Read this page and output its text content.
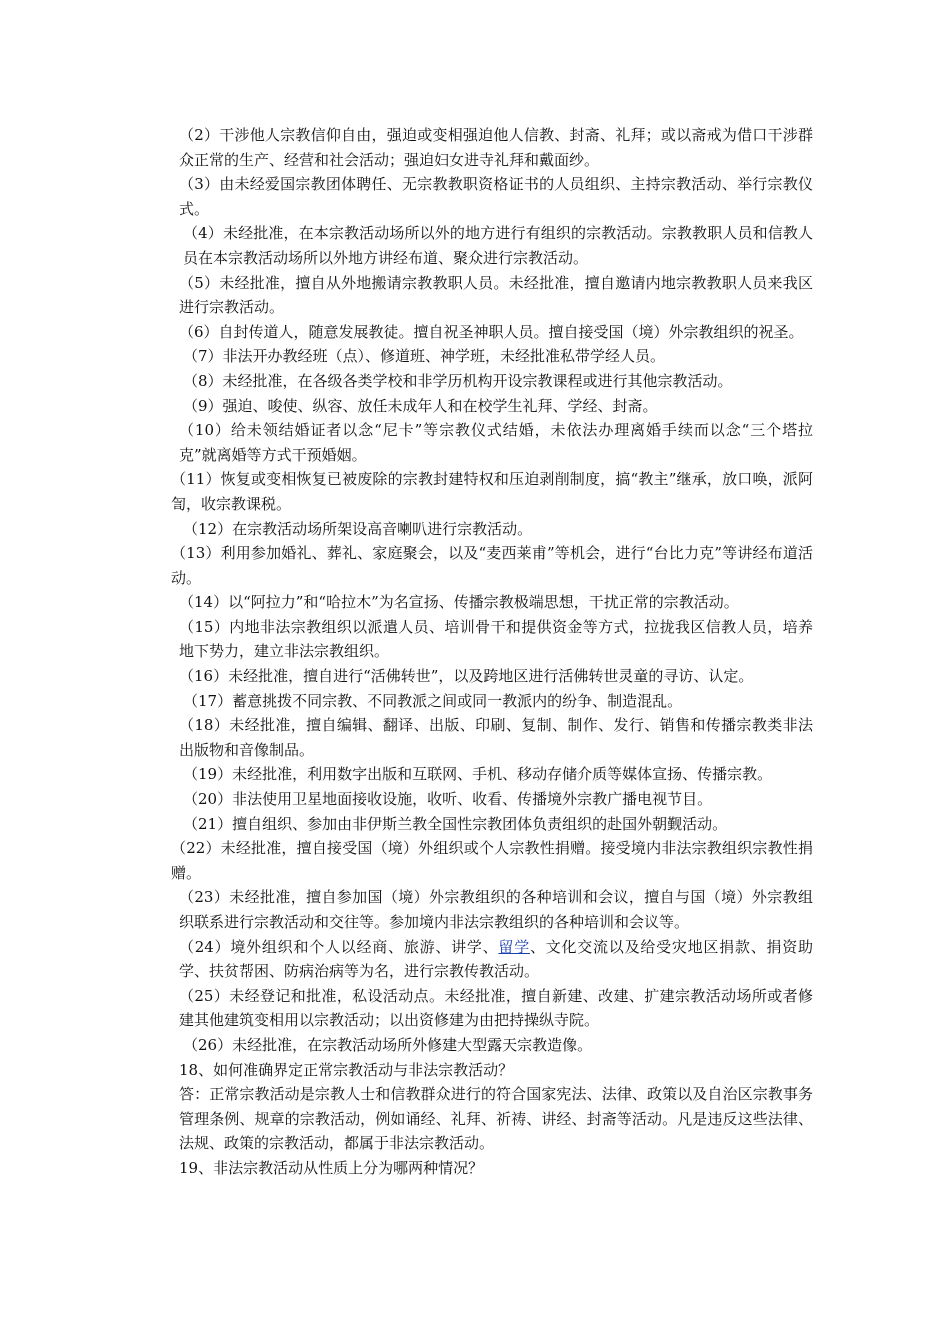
（2）干涉他人宗教信仰自由，强迫或变相强迫他人信教、封斋、礼拜；或以斋戒为借口干涉群众正常的生产、经营和社会活动；强迫妇女进寺礼拜和戴面纱。

（3）由未经爱国宗教团体聘任、无宗教教职资格证书的人员组织、主持宗教活动、举行宗教仪式。

（4）未经批准，在本宗教活动场所以外的地方进行有组织的宗教活动。宗教教职人员和信教人员在本宗教活动场所以外地方讲经布道、聚众进行宗教活动。

（5）未经批准，擅自从外地搬请宗教教职人员。未经批准，擅自邀请内地宗教教职人员来我区进行宗教活动。

（6）自封传道人，随意发展教徒。擅自祝圣神职人员。擅自接受国（境）外宗教组织的祝圣。

（7）非法开办教经班（点）、修道班、神学班，未经批准私带学经人员。

（8）未经批准，在各级各类学校和非学历机构开设宗教课程或进行其他宗教活动。

（9）强迫、唆使、纵容、放任未成年人和在校学生礼拜、学经、封斋。

（10）给未领结婚证者以念“尼卡”等宗教仪式结婚，未依法办理离婚手续而以念“三个塔拉克”就离婚等方式干预婚姻。

（11）恢复或变相恢复已被废除的宗教封建特权和压迫剥削制度，搞“教主”继承，放口唤，派阿訇，收宗教课税。

（12）在宗教活动场所架设高音喇叭进行宗教活动。

（13）利用参加婚礼、葬礼、家庭聚会，以及“麦西莱甫”等机会，进行“台比力克”等讲经布道活动。

（14）以“阿拉力”和“哈拉木”为名宣扬、传播宗教极端思想，干扰正常的宗教活动。

（15）内地非法宗教组织以派遣人员、培训骨干和提供资金等方式，拉拢我区信教人员，培养地下势力，建立非法宗教组织。

（16）未经批准，擅自进行“活佛转世”，以及跨地区进行活佛转世灵童的寻访、认定。

（17）蓄意挑拨不同宗教、不同教派之间或同一教派内的纷争、制造混乱。

（18）未经批准，擅自编辑、翻译、出版、印刷、复制、制作、发行、销售和传播宗教类非法出版物和音像制品。

（19）未经批准，利用数字出版和互联网、手机、移动存储介质等媒体宣扬、传播宗教。

（20）非法使用卫星地面接收设施，收听、收看、传播境外宗教广播电视节目。

（21）擅自组织、参加由非伊斯兰教全国性宗教团体负责组织的赴国外朝觐活动。

（22）未经批准，擅自接受国（境）外组织或个人宗教性捐赠。接受境内非法宗教组织宗教性捐赠。

（23）未经批准，擅自参加国（境）外宗教组织的各种培训和会议，擅自与国（境）外宗教组织联系进行宗教活动和交往等。参加境内非法宗教组织的各种培训和会议等。

（24）境外组织和个人以经商、旅游、讲学、留学、文化交流以及给受灾地区捐款、捐资助学、扶贫帮困、防病治病等为名，进行宗教传教活动。

（25）未经登记和批准，私设活动点。未经批准，擅自新建、改建、扩建宗教活动场所或者修建其他建筑变相用以宗教活动；以出资修建为由把持操纵寺院。

（26）未经批准，在宗教活动场所外修建大型露天宗教造像。

18、如何准确界定正常宗教活动与非法宗教活动？

答：正常宗教活动是宗教人士和信教群众进行的符合国家宪法、法律、政策以及自治区宗教事务管理条例、规章的宗教活动，例如诵经、礼拜、祈祷、讲经、封斋等活动。凡是违反这些法律、法规、政策的宗教活动，都属于非法宗教活动。

19、非法宗教活动从性质上分为哪两种情况？
